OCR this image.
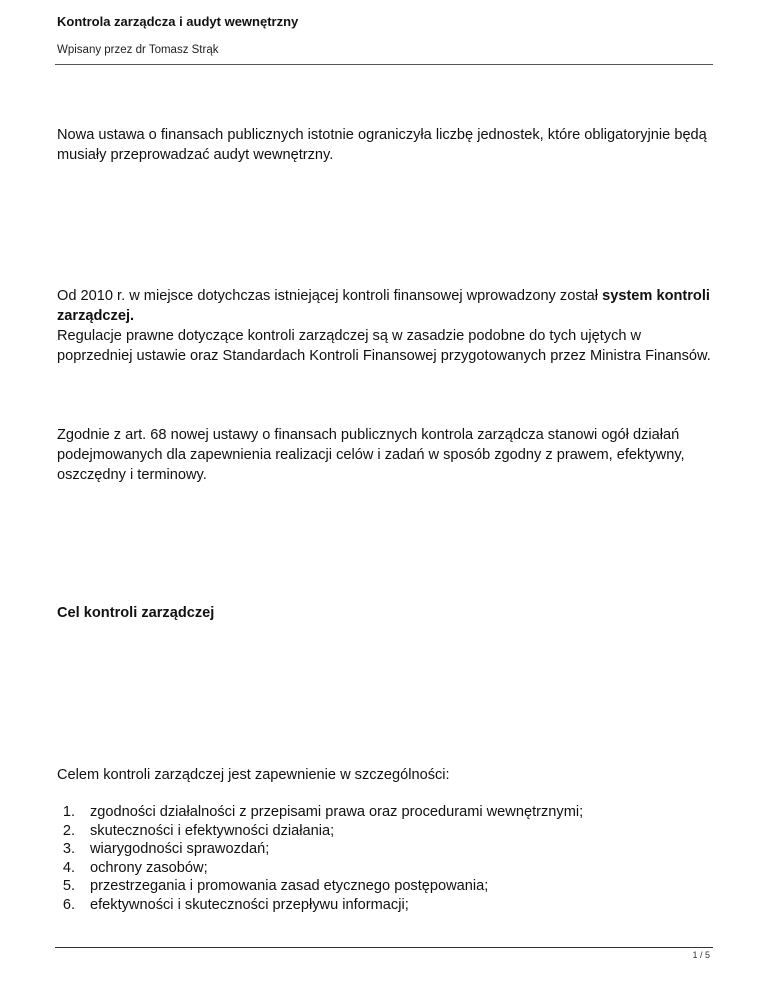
Kontrola zarządcza i audyt wewnętrzny
Wpisany przez dr Tomasz Strąk

Nowa ustawa o finansach publicznych istotnie ograniczyła liczbę jednostek, które obligatoryjnie będą musiały przeprowadzać audyt wewnętrzny.

Od 2010 r. w miejsce dotychczas istniejącej kontroli finansowej wprowadzony został system kontroli zarządczej.
Regulacje prawne dotyczące kontroli zarządczej są w zasadzie podobne do tych ujętych w poprzedniej ustawie oraz Standardach Kontroli Finansowej przygotowanych przez Ministra Finansów.

Zgodnie z art. 68 nowej ustawy o finansach publicznych kontrola zarządcza stanowi ogół działań podejmowanych dla zapewnienia realizacji celów i zadań w sposób zgodny z prawem, efektywny, oszczędny i terminowy.

Cel kontroli zarządczej

Celem kontroli zarządczej jest zapewnienie w szczególności:

1. zgodności działalności z przepisami prawa oraz procedurami wewnętrznymi;
2. skuteczności i efektywności działania;
3. wiarygodności sprawozdań;
4. ochrony zasobów;
5. przestrzegania i promowania zasad etycznego postępowania;
6. efektywności i skuteczności przepływu informacji;
1 / 5
